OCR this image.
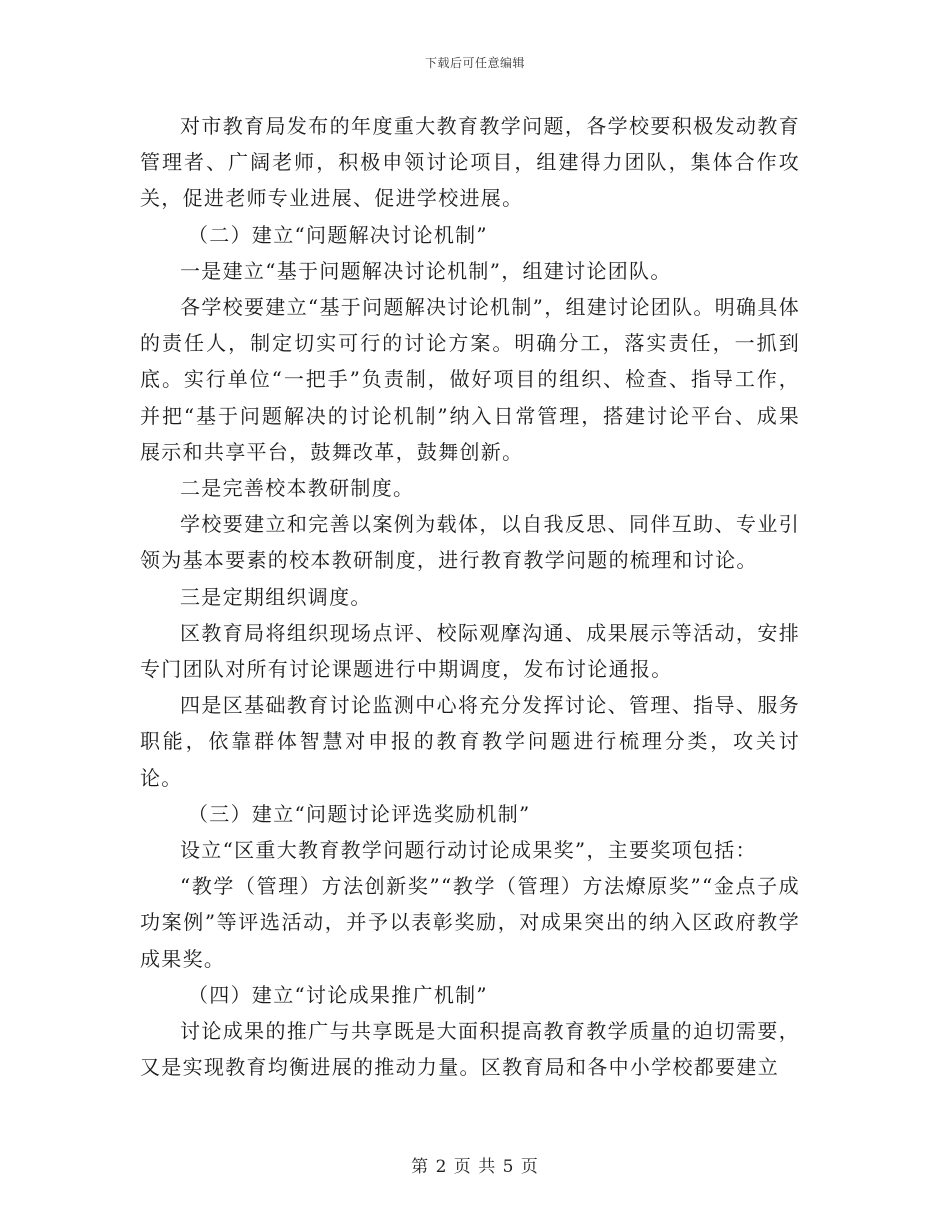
下载后可任意编辑

对市教育局发布的年度重大教育教学问题，各学校要积极发动教育管理者、广阔老师，积极申领讨论项目，组建得力团队，集体合作攻关，促进老师专业进展、促进学校进展。

（二）建立“问题解决讨论机制”

一是建立“基于问题解决讨论机制”，组建讨论团队。

各学校要建立“基于问题解决讨论机制”，组建讨论团队。明确具体的责任人，制定切实可行的讨论方案。明确分工，落实责任，一抓到底。实行单位“一把手”负责制，做好项目的组织、检查、指导工作，并把“基于问题解决的讨论机制”纳入日常管理，搭建讨论平台、成果展示和共享平台，鼓舞改革，鼓舞创新。

二是完善校本教研制度。

学校要建立和完善以案例为载体，以自我反思、同伴互助、专业引领为基本要素的校本教研制度，进行教育教学问题的梳理和讨论。

三是定期组织调度。

区教育局将组织现场点评、校际观摩沟通、成果展示等活动，安排专门团队对所有讨论课题进行中期调度，发布讨论通报。

四是区基础教育讨论监测中心将充分发挥讨论、管理、指导、服务职能，依靠群体智慧对申报的教育教学问题进行梳理分类，攻关讨论。

（三）建立“问题讨论评选奖励机制”

设立“区重大教育教学问题行动讨论成果奖”，主要奖项包括：

“教学（管理）方法创新奖”“教学（管理）方法燎原奖”“金点子成功案例”等评选活动，并予以表彰奖励，对成果突出的纳入区政府教学成果奖。

（四）建立“讨论成果推广机制”

讨论成果的推广与共享既是大面积提高教育教学质量的迫切需要，又是实现教育均衡进展的推动力量。区教育局和各中小学校都要建立

第 2 页 共 5 页
